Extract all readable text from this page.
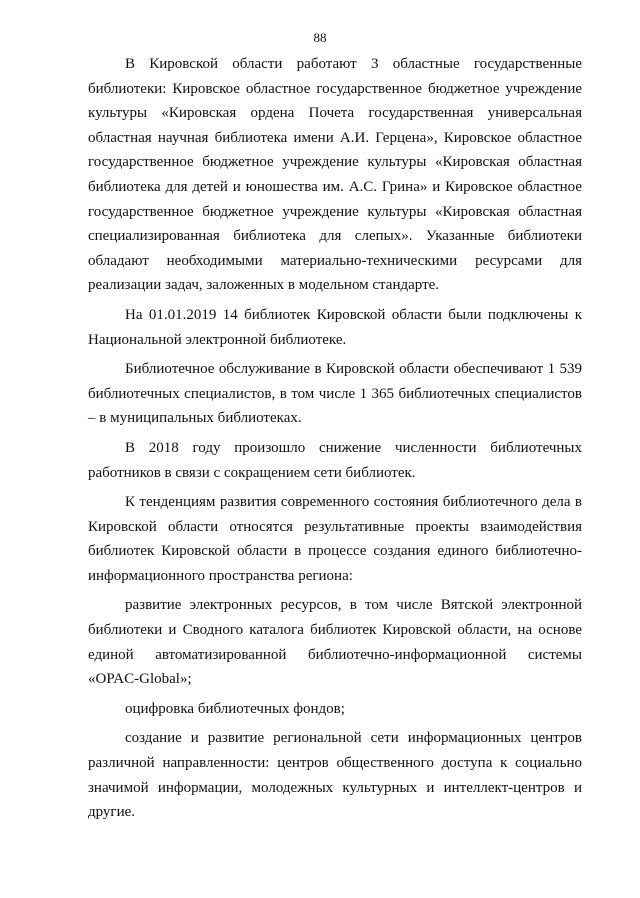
88

В Кировской области работают 3 областные государственные библиотеки: Кировское областное государственное бюджетное учреждение культуры «Кировская ордена Почета государственная универсальная областная научная библиотека имени А.И. Герцена», Кировское областное государственное бюджетное учреждение культуры «Кировская областная библиотека для детей и юношества им. А.С. Грина» и Кировское областное государственное бюджетное учреждение культуры «Кировская областная специализированная библиотека для слепых». Указанные библиотеки обладают необходимыми материально-техническими ресурсами для реализации задач, заложенных в модельном стандарте.

На 01.01.2019 14 библиотек Кировской области были подключены к Национальной электронной библиотеке.

Библиотечное обслуживание в Кировской области обеспечивают 1 539 библиотечных специалистов, в том числе 1 365 библиотечных специалистов – в муниципальных библиотеках.

В 2018 году произошло снижение численности библиотечных работников в связи с сокращением сети библиотек.

К тенденциям развития современного состояния библиотечного дела в Кировской области относятся результативные проекты взаимодействия библиотек Кировской области в процессе создания единого библиотечно-информационного пространства региона:

развитие электронных ресурсов, в том числе Вятской электронной библиотеки и Сводного каталога библиотек Кировской области, на основе единой автоматизированной библиотечно-информационной системы «OPAC-Global»;

оцифровка библиотечных фондов;

создание и развитие региональной сети информационных центров различной направленности: центров общественного доступа к социально значимой информации, молодежных культурных и интеллект-центров и другие.
